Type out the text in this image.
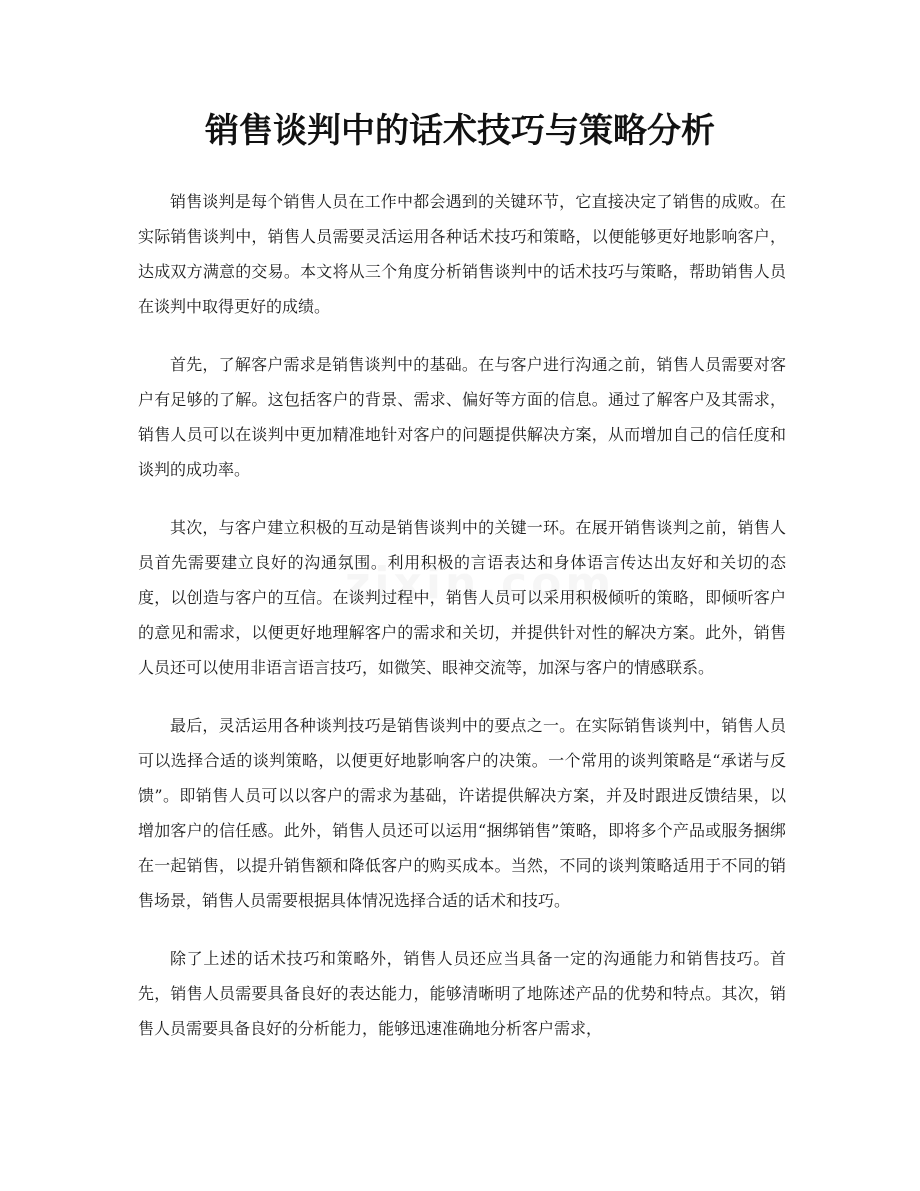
销售谈判中的话术技巧与策略分析

销售谈判是每个销售人员在工作中都会遇到的关键环节，它直接决定了销售的成败。在实际销售谈判中，销售人员需要灵活运用各种话术技巧和策略，以便能够更好地影响客户，达成双方满意的交易。本文将从三个角度分析销售谈判中的话术技巧与策略，帮助销售人员在谈判中取得更好的成绩。

首先，了解客户需求是销售谈判中的基础。在与客户进行沟通之前，销售人员需要对客户有足够的了解。这包括客户的背景、需求、偏好等方面的信息。通过了解客户及其需求，销售人员可以在谈判中更加精准地针对客户的问题提供解决方案，从而增加自己的信任度和谈判的成功率。

其次，与客户建立积极的互动是销售谈判中的关键一环。在展开销售谈判之前，销售人员首先需要建立良好的沟通氛围。利用积极的言语表达和身体语言传达出友好和关切的态度，以创造与客户的互信。在谈判过程中，销售人员可以采用积极倾听的策略，即倾听客户的意见和需求，以便更好地理解客户的需求和关切，并提供针对性的解决方案。此外，销售人员还可以使用非语言语言技巧，如微笑、眼神交流等，加深与客户的情感联系。

最后，灵活运用各种谈判技巧是销售谈判中的要点之一。在实际销售谈判中，销售人员可以选择合适的谈判策略，以便更好地影响客户的决策。一个常用的谈判策略是“承诺与反馈”。即销售人员可以以客户的需求为基础，许诺提供解决方案，并及时跟进反馈结果，以增加客户的信任感。此外，销售人员还可以运用“捆绑销售”策略，即将多个产品或服务捆绑在一起销售，以提升销售额和降低客户的购买成本。当然，不同的谈判策略适用于不同的销售场景，销售人员需要根据具体情况选择合适的话术和技巧。

除了上述的话术技巧和策略外，销售人员还应当具备一定的沟通能力和销售技巧。首先，销售人员需要具备良好的表达能力，能够清晰明了地陈述产品的优势和特点。其次，销售人员需要具备良好的分析能力，能够迅速准确地分析客户需求，
